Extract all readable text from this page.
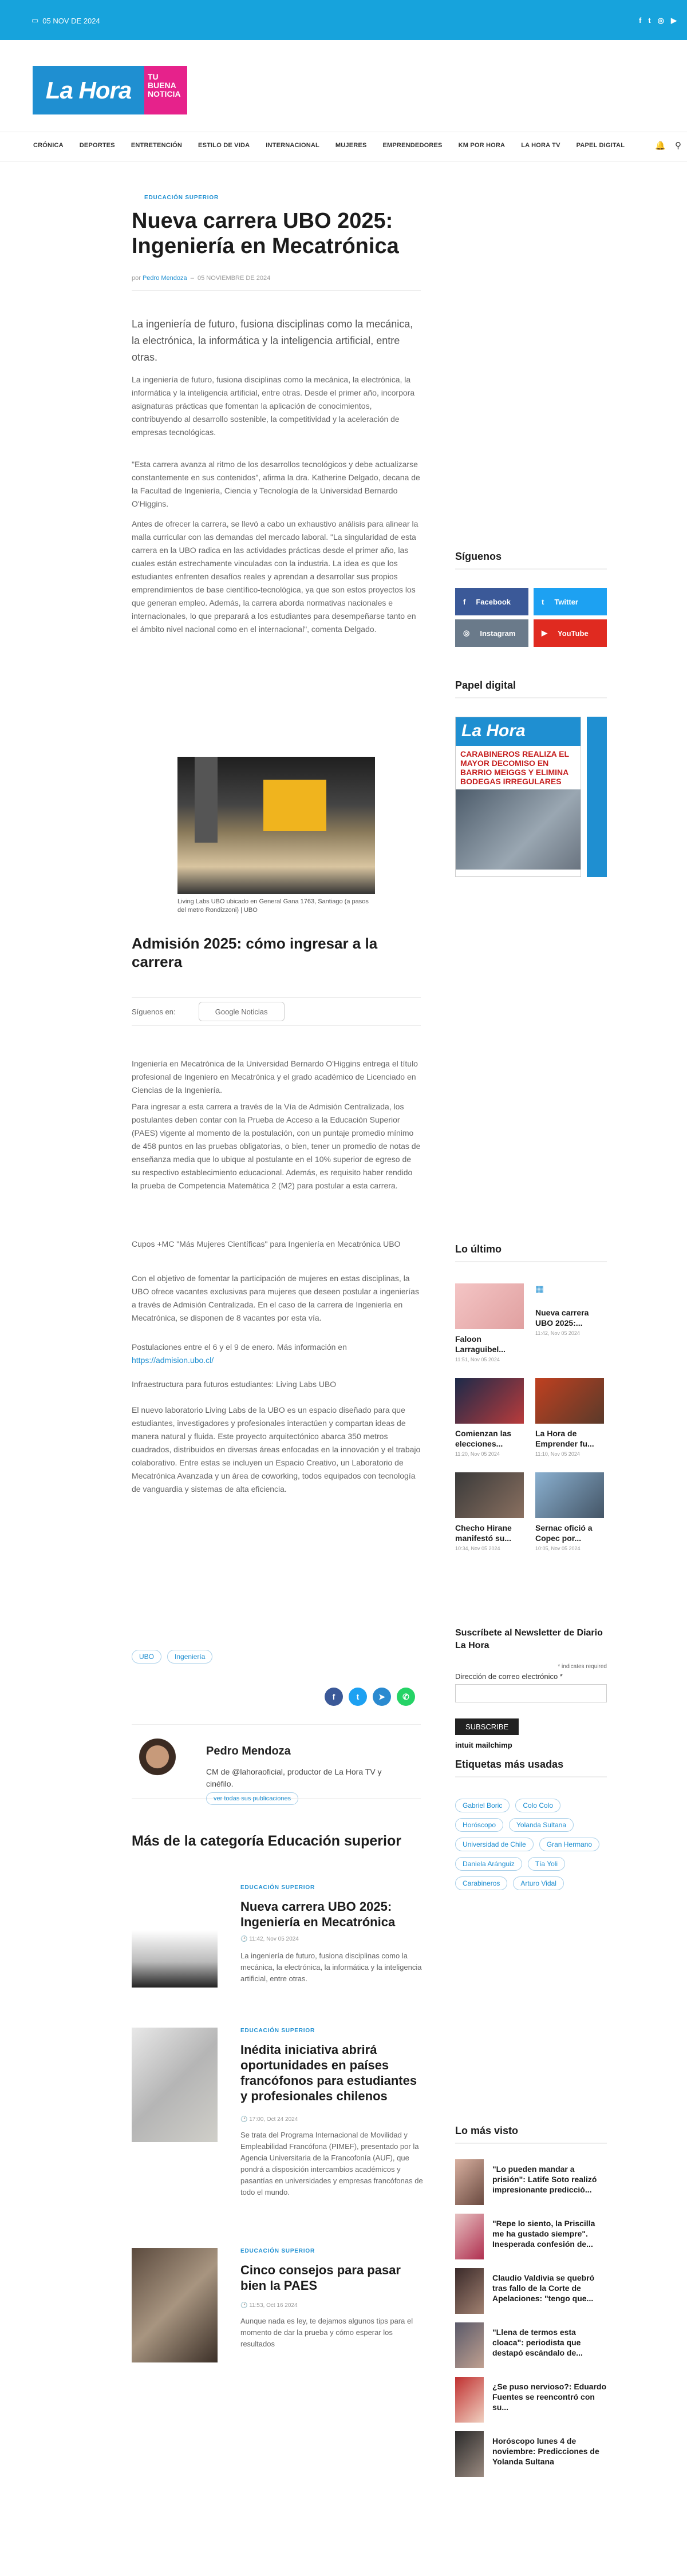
▭ 05 NOV DE 2024	f t ◎ ▶
La Hora	TU
BUENA
NOTICIA
CRÓNICA	DEPORTES	ENTRETENCIÓN	ESTILO DE VIDA	INTERNACIONAL	MUJERES	EMPRENDEDORES	KM POR HORA	LA HORA TV	PAPEL DIGITAL	🔔 ⚲
EDUCACIÓN SUPERIOR
Nueva carrera UBO 2025: Ingeniería en Mecatrónica
por Pedro Mendoza – 05 NOVIEMBRE DE 2024

La ingeniería de futuro, fusiona disciplinas como la mecánica, la electrónica, la informática y la inteligencia artificial, entre otras.

La ingeniería de futuro, fusiona disciplinas como la mecánica, la electrónica, la informática y la inteligencia artificial, entre otras. Desde el primer año, incorpora asignaturas prácticas que fomentan la aplicación de conocimientos, contribuyendo al desarrollo sostenible, la competitividad y la aceleración de empresas tecnológicas.

"Esta carrera avanza al ritmo de los desarrollos tecnológicos y debe actualizarse constantemente en sus contenidos", afirma la dra. Katherine Delgado, decana de la Facultad de Ingeniería, Ciencia y Tecnología de la Universidad Bernardo O'Higgins.

Antes de ofrecer la carrera, se llevó a cabo un exhaustivo análisis para alinear la malla curricular con las demandas del mercado laboral. "La singularidad de esta carrera en la UBO radica en las actividades prácticas desde el primer año, las cuales están estrechamente vinculadas con la industria. La idea es que los estudiantes enfrenten desafíos reales y aprendan a desarrollar sus propios emprendimientos de base científico-tecnológica, ya que son estos proyectos los que generan empleo. Además, la carrera aborda normativas nacionales e internacionales, lo que preparará a los estudiantes para desempeñarse tanto en el ámbito nivel nacional como en el internacional", comenta Delgado.

Living Labs UBO ubicado en General Gana 1763, Santiago (a pasos del metro Rondizzoni) | UBO
Admisión 2025: cómo ingresar a la carrera
Síguenos en:	Google Noticias

Ingeniería en Mecatrónica de la Universidad Bernardo O'Higgins entrega el título profesional de Ingeniero en Mecatrónica y el grado académico de Licenciado en Ciencias de la Ingeniería.

Para ingresar a esta carrera a través de la Vía de Admisión Centralizada, los postulantes deben contar con la Prueba de Acceso a la Educación Superior (PAES) vigente al momento de la postulación, con un puntaje promedio mínimo de 458 puntos en las pruebas obligatorias, o bien, tener un promedio de notas de enseñanza media que lo ubique al postulante en el 10% superior de egreso de su respectivo establecimiento educacional. Además, es requisito haber rendido la prueba de Competencia Matemática 2 (M2) para postular a esta carrera.

Cupos +MC "Más Mujeres Científicas" para Ingeniería en Mecatrónica UBO

Con el objetivo de fomentar la participación de mujeres en estas disciplinas, la UBO ofrece vacantes exclusivas para mujeres que deseen postular a ingenierías a través de Admisión Centralizada. En el caso de la carrera de Ingeniería en Mecatrónica, se disponen de 8 vacantes por esta vía.

Postulaciones entre el 6 y el 9 de enero. Más información en
https://admision.ubo.cl/

Infraestructura para futuros estudiantes: Living Labs UBO

El nuevo laboratorio Living Labs de la UBO es un espacio diseñado para que estudiantes, investigadores y profesionales interactúen y compartan ideas de manera natural y fluida. Este proyecto arquitectónico abarca 350 metros cuadrados, distribuidos en diversas áreas enfocadas en la innovación y el trabajo colaborativo. Entre estas se incluyen un Espacio Creativo, un Laboratorio de Mecatrónica Avanzada y un área de coworking, todos equipados con tecnología de vanguardia y sistemas de alta eficiencia.

UBO	Ingeniería
f	t	➤	✆
Pedro Mendoza
CM de @lahoraoficial, productor de La Hora TV y cinéfilo.
ver todas sus publicaciones
Más de la categoría Educación superior
EDUCACIÓN SUPERIOR
Nueva carrera UBO 2025: Ingeniería en Mecatrónica
🕐 11:42, Nov 05 2024
La ingeniería de futuro, fusiona disciplinas como la mecánica, la electrónica, la informática y la inteligencia artificial, entre otras.
EDUCACIÓN SUPERIOR
Inédita iniciativa abrirá oportunidades en países francófonos para estudiantes y profesionales chilenos
🕐 17:00, Oct 24 2024
Se trata del Programa Internacional de Movilidad y Empleabilidad Francófona (PIMEF), presentado por la Agencia Universitaria de la Francofonía (AUF), que pondrá a disposición intercambios académicos y pasantías en universidades y empresas francófonas de todo el mundo.
EDUCACIÓN SUPERIOR
Cinco consejos para pasar bien la PAES
🕐 11:53, Oct 16 2024
Aunque nada es ley, te dejamos algunos tips para el momento de dar la prueba y cómo esperar los resultados
Síguenos
f Facebook	t Twitter
◎ Instagram	▶ YouTube
Papel digital
La Hora
CARABINEROS REALIZA EL MAYOR DECOMISO EN BARRIO MEIGGS Y ELIMINA BODEGAS IRREGULARES
Lo último
Faloon Larraguibel...
11:51, Nov 05 2024
▦
Nueva carrera UBO 2025:...
11:42, Nov 05 2024
Comienzan las elecciones...
11:20, Nov 05 2024
La Hora de Emprender fu...
11:10, Nov 05 2024
Checho Hirane manifestó su...
10:34, Nov 05 2024
Sernac ofició a Copec por...
10:05, Nov 05 2024
Suscríbete al Newsletter de Diario La Hora
* indicates required
Dirección de correo electrónico *
SUBSCRIBE
intuit mailchimp
Etiquetas más usadas
Gabriel Boric	Colo Colo
Horóscopo	Yolanda Sultana
Universidad de Chile	Gran Hermano
Daniela Aránguiz	Tía Yoli
Carabineros	Arturo Vidal
Lo más visto
"Lo pueden mandar a prisión": Latife Soto realizó impresionante predicció...
"Repe lo siento, la Priscilla me ha gustado siempre". Inesperada confesión de...
Claudio Valdivia se quebró tras fallo de la Corte de Apelaciones: "tengo que...
"Llena de termos esta cloaca": periodista que destapó escándalo de...
¿Se puso nervioso?: Eduardo Fuentes se reencontró con su...
Horóscopo lunes 4 de noviembre: Predicciones de Yolanda Sultana
